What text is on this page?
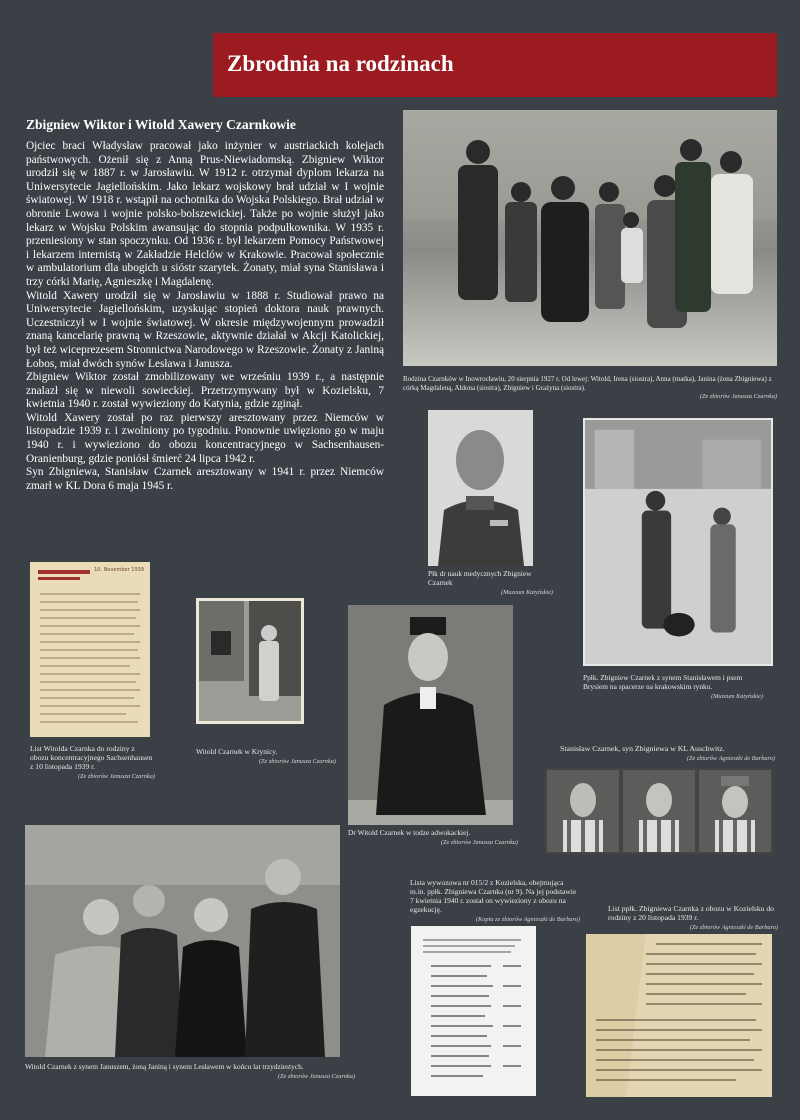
Zbrodnia na rodzinach
Zbigniew Wiktor i Witold Xawery Czarnkowie

Ojciec braci Władysław pracował jako inżynier w austriackich kolejach państwowych. Ożenił się z Anną Prus-Niewiadomską. Zbigniew Wiktor urodził się w 1887 r. w Jarosławiu. W 1912 r. otrzymał dyplom lekarza na Uniwersytecie Jagiellońskim. Jako lekarz wojskowy brał udział w I wojnie światowej. W 1918 r. wstąpił na ochotnika do Wojska Polskiego. Brał udział w obronie Lwowa i wojnie polsko-bolszewickiej. Także po wojnie służył jako lekarz w Wojsku Polskim awansując do stopnia podpułkownika. W 1935 r. przeniesiony w stan spoczynku. Od 1936 r. był lekarzem Pomocy Państwowej i lekarzem internistą w Zakładzie Helclów w Krakowie. Pracował społecznie w ambulatorium dla ubogich u sióstr szarytek. Żonaty, miał syna Stanisława i trzy córki Marię, Agnieszkę i Magdalenę.

Witold Xawery urodził się w Jarosławiu w 1888 r. Studiował prawo na Uniwersytecie Jagiellońskim, uzyskując stopień doktora nauk prawnych. Uczestniczył w I wojnie światowej. W okresie międzywojennym prowadził znaną kancelarię prawną w Rzeszowie, aktywnie działał w Akcji Katolickiej, był też wiceprezesem Stronnictwa Narodowego w Rzeszowie. Żonaty z Janiną Łobos, miał dwóch synów Lesława i Janusza.

Zbigniew Wiktor został zmobilizowany we wrześniu 1939 r., a następnie znalazł się w niewoli sowieckiej. Przetrzymywany był w Kozielsku, 7 kwietnia 1940 r. został wywieziony do Katynia, gdzie zginął.

Witold Xawery został po raz pierwszy aresztowany przez Niemców w listopadzie 1939 r. i zwolniony po tygodniu. Ponownie uwięziono go w maju 1940 r. i wywieziono do obozu koncentracyjnego w Sachsenhausen-Oranienburg, gdzie poniósł śmierć 24 lipca 1942 r.

Syn Zbigniewa, Stanisław Czarnek aresztowany w 1941 r. przez Niemców zmarł w KL Dora 6 maja 1945 r.

Rodzina Czarnków w Inowrocławiu, 20 sierpnia 1927 r. Od lewej: Witold, Irena (siostra), Anna (matka), Janina (żona Zbigniewa) z córką Magdaleną, Aldona (siostra), Zbigniew i Grażyna (siostra).
(Ze zbiorów Janusza Czarnka)
Płk dr nauk medycznych Zbigniew Czarnek
(Muzeum Katyńskie)
Ppłk. Zbigniew Czarnek z synem Stanisławem i psem Brysiem na spacerze na krakowskim rynku.
(Muzeum Katyńskie)
10. November 1939
List Witolda Czarnka do rodziny z obozu koncentracyjnego Sachsenhausen z 10 listopada 1939 r.
(Ze zbiorów Janusza Czarnka)
Witold Czarnek w Krynicy.
(Ze zbiorów Janusza Czarnka)
Dr Witold Czarnek w todze adwokackiej.
(Ze zbiorów Janusza Czarnka)
Stanisław Czarnek, syn Zbigniewa w KL Auschwitz.
(Ze zbiorów Agnieszki de Barbaro)
Witold Czarnek z synem Januszem, żoną Janiną i synem Lesławem w końcu lat trzydziestych.
(Ze zbiorów Janusza Czarnka)
Lista wywozowa nr 015/2 z Kozielska, obejmująca m.in. ppłk. Zbigniewa Czarnka (nr 9). Na jej podstawie 7 kwietnia 1940 r. został on wywieziony z obozu na egzekucję.
(Kopia ze zbiorów Agnieszki de Barbaro)
List ppłk. Zbigniewa Czarnka z obozu w Kozielsku do rodziny z 20 listopada 1939 r.
(Ze zbiorów Agnieszki de Barbaro)
